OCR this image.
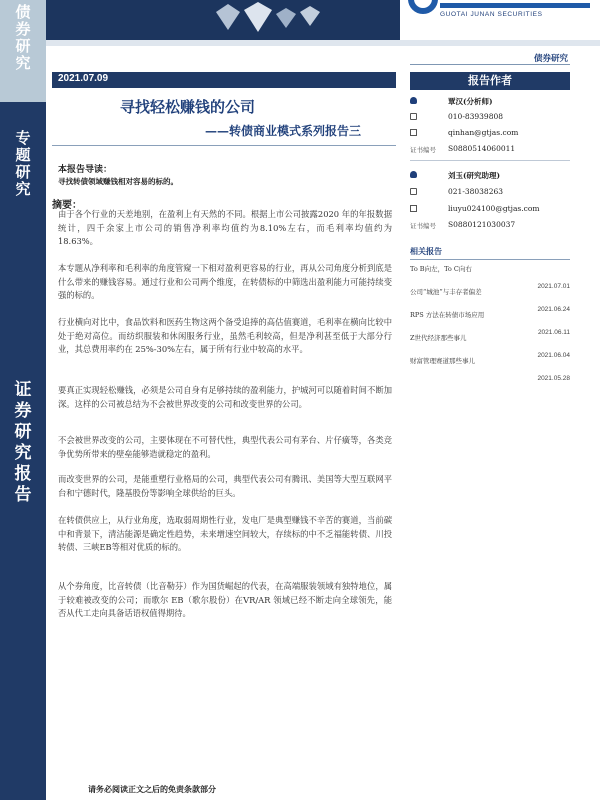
债
券
研
究
专
题
研
究
证
券
研
究
报
告
GUOTAI JUNAN SECURITIES
债券研究
2021.07.09
寻找轻松赚钱的公司
——转债商业模式系列报告三
本报告导读：
寻找转债领域赚钱相对容易的标的。
摘要：
由于各个行业的天差地别，在盈利上有天然的不同。根据上市公司披露2020 年的年报数据统计，四千余家上市公司的销售净利率均值约为8.10%左右，而毛利率均值约为 18.63%。
本专题从净利率和毛利率的角度管窥一下相对盈利更容易的行业，再从公司角度分析到底是什么带来的赚钱容易。通过行业和公司两个维度，在转债标的中筛选出盈利能力可能持续变强的标的。
行业横向对比中，食品饮料和医药生物这两个备受追捧的高估值赛道，毛利率在横向比较中处于绝对高位。而纺织服装和休闲服务行业，虽然毛利较高，但是净利甚至低于大部分行业，其总费用率约在 25%-30%左右，属于所有行业中较高的水平。
要真正实现轻松赚钱，必须是公司自身有足够持续的盈利能力，护城河可以随着时间不断加深。这样的公司被总结为不会被世界改变的公司和改变世界的公司。
不会被世界改变的公司，主要体现在不可替代性，典型代表公司有茅台、片仔癀等，各类竞争优势所带来的壁垒能够造就稳定的盈利。
而改变世界的公司，是能重塑行业格局的公司，典型代表公司有腾讯、美国等大型互联网平台和宁德时代，隆基股份等影响全球供给的巨头。
在转债供应上，从行业角度，选取弱周期性行业，发电厂是典型赚钱不辛苦的赛道，当前碳中和背景下，清洁能源是确定性趋势，未来增速空间较大，存续标的中不乏福能转债、川投转债、三峡EB等相对优质的标的。
从个券角度，比音转债（比音勒芬）作为国货崛起的代表，在高端服装领域有独特地位，属于较难被改变的公司；而歌尔 EB（歌尔股份）在VR/AR 领域已经不断走向全球领先，能否从代工走向具备话语权值得期待。
报告作者
覃汉(分析师)
010-83939808
qinhan@gtjas.com
证书编号 S0880514060011
刘玉(研究助理)
021-38038263
liuyu024100@gtjas.com
证书编号 S0880121030037
相关报告
To B向左，To C向右
2021.07.01
公司“城池”与丰存者偏差
2021.06.24
RPS 方法在转债市场应用
2021.06.11
Z世代经济那些事儿
2021.06.04
财富管理赛道那些事儿
2021.05.28
请务必阅读正文之后的免责条款部分
